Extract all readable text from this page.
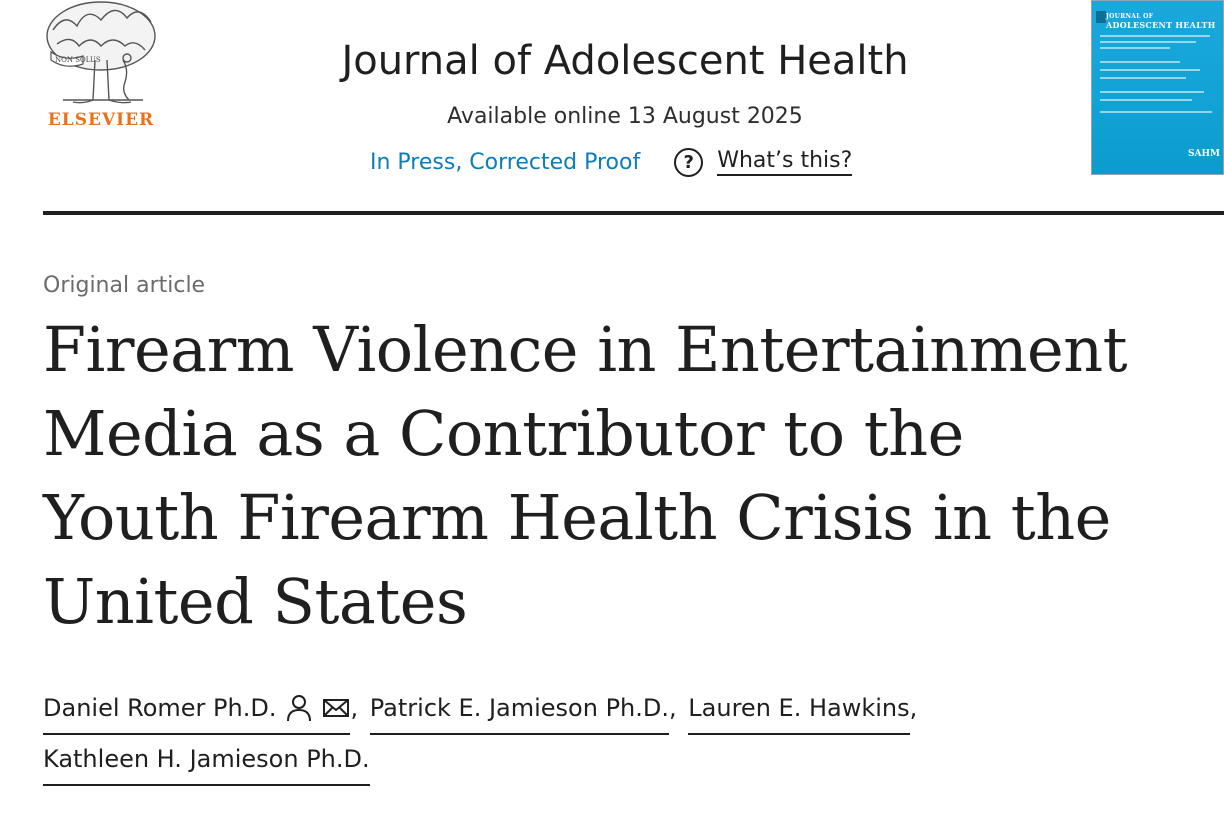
NON SOLUS
ELSEVIER
Journal of Adolescent Health
Available online 13 August 2025
In Press, Corrected Proof	?	What’s this?
JOURNAL OF
ADOLESCENT HEALTH
SAHM
Original article
Firearm Violence in Entertainment Media as a Contributor to the Youth Firearm Health Crisis in the United States
Daniel Romer Ph.D.	, Patrick E. Jamieson Ph.D., Lauren E. Hawkins,
Kathleen H. Jamieson Ph.D.
